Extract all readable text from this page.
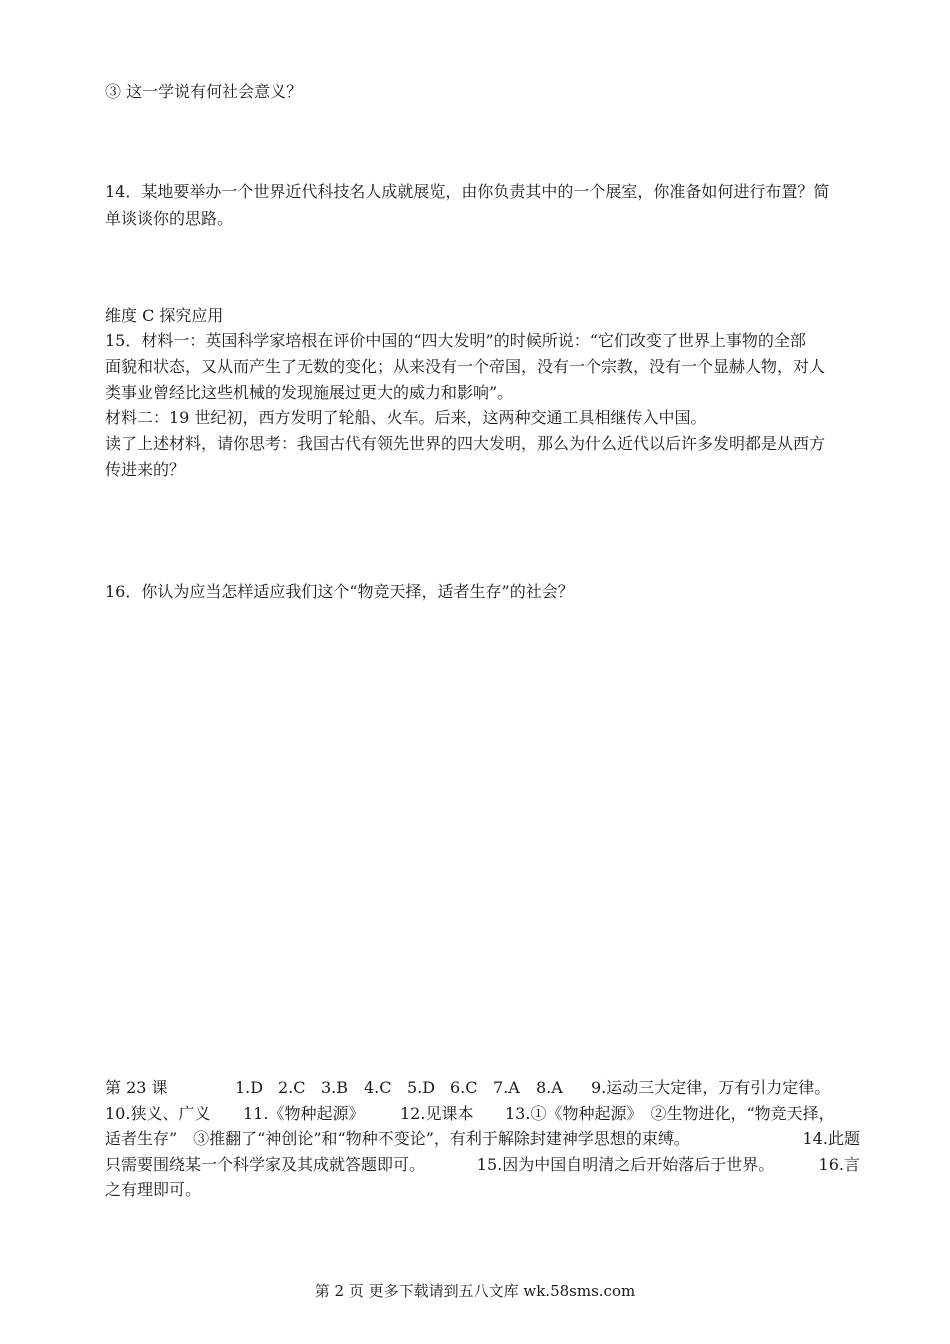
③ 这一学说有何社会意义？
14．某地要举办一个世界近代科技名人成就展览，由你负责其中的一个展室，你准备如何进行布置？简
单谈谈你的思路。
维度 C 探究应用
15．材料一：英国科学家培根在评价中国的“四大发明”的时候所说：“它们改变了世界上事物的全部
面貌和状态，又从而产生了无数的变化；从来没有一个帝国，没有一个宗教，没有一个显赫人物，对人
类事业曾经比这些机械的发现施展过更大的威力和影响”。
材料二：19 世纪初，西方发明了轮船、火车。后来，这两种交通工具相继传入中国。
读了上述材料，请你思考：我国古代有领先世界的四大发明，那么为什么近代以后许多发明都是从西方
传进来的？
16．你认为应当怎样适应我们这个“物竞天择，适者生存”的社会？
第 23 课	1.D 2.C 3.B 4.C 5.D 6.C 7.A	8.A	9.运动三大定律，万有引力定律。
10.狭义、广义	11.《物种起源》	12.见课本	13.①《物种起源》　②生物进化，“物竞天择，
适者生存”　③推翻了“神创论”和“物种不变论”，有利于解除封建神学思想的束缚。	14.此题
只需要围绕某一个科学家及其成就答题即可。	15.因为中国自明清之后开始落后于世界。	16.言
之有理即可。
第 2 页 更多下载请到五八文库 wk.58sms.com
